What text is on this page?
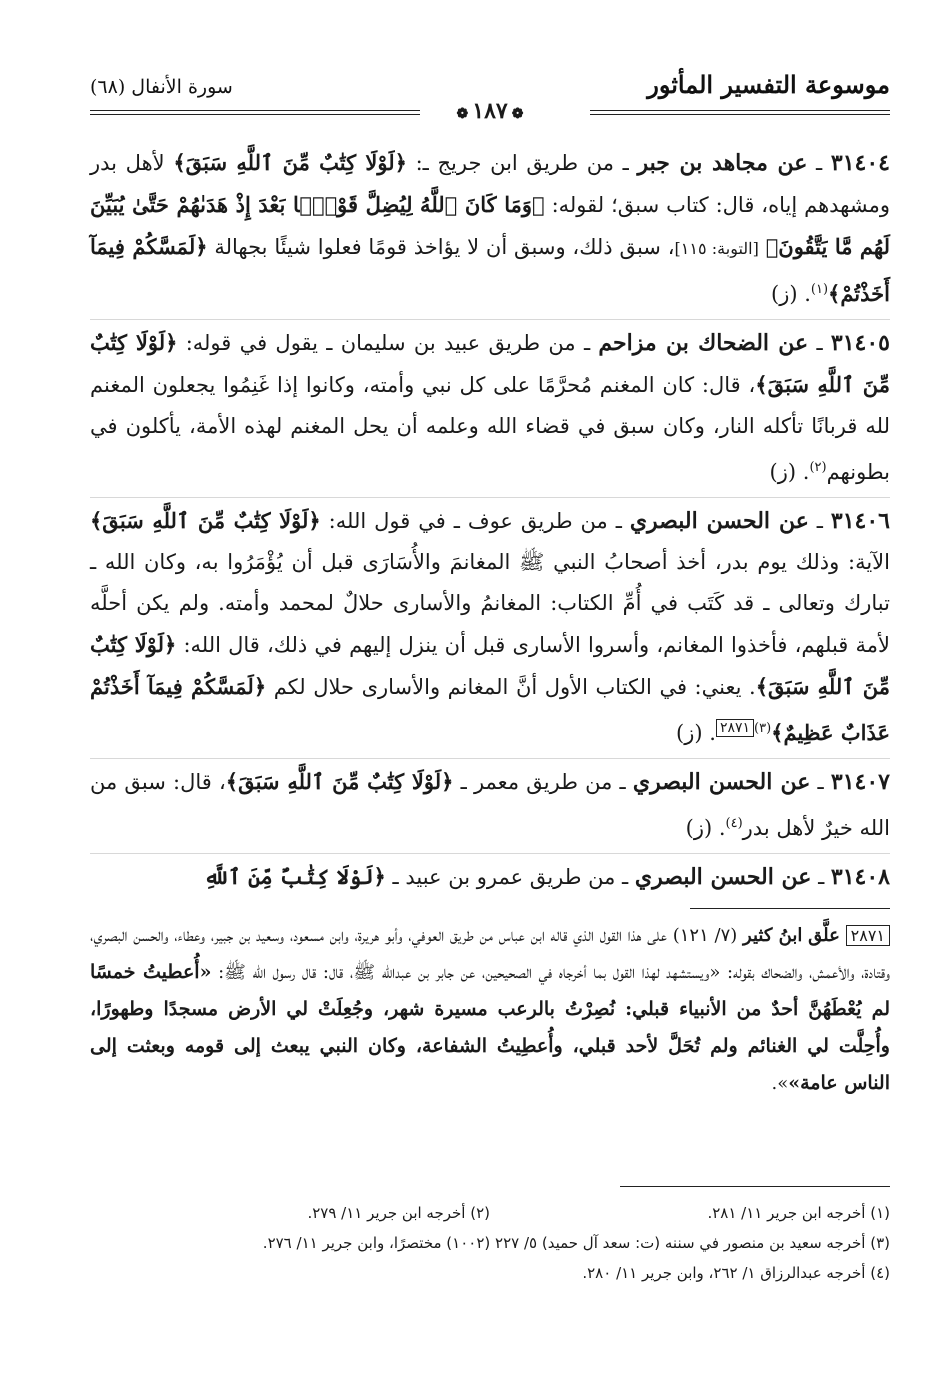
موسوعة التفسير المأثور
سورة الأنفال (٦٨)
❁ ١٨٧ ❁

٣١٤٠٤ ـ عن مجاهد بن جبر ـ من طريق ابن جريج ـ: ﴿لَوْلَا كِتَٰبٌ مِّنَ ٱللَّهِ سَبَقَ﴾ لأهل بدر ومشهدهم إياه، قال: كتاب سبق؛ لقوله: ﴿وَمَا كَانَ ٱللَّهُ لِيُضِلَّ قَوْمًۢا بَعْدَ إِذْ هَدَىٰهُمْ حَتَّىٰ يُبَيِّنَ لَهُم مَّا يَتَّقُونَ﴾ [التوبة: ١١٥]، سبق ذلك، وسبق أن لا يؤاخذ قومًا فعلوا شيئًا بجهالة ﴿لَمَسَّكُمْ فِيمَآ أَخَذْتُمْ﴾$^{(١)}$. (ز)

٣١٤٠٥ ـ عن الضحاك بن مزاحم ـ من طريق عبيد بن سليمان ـ يقول في قوله: ﴿لَوْلَا كِتَٰبٌ مِّنَ ٱللَّهِ سَبَقَ﴾، قال: كان المغنم مُحرَّمًا على كل نبي وأمته، وكانوا إذا غَنِمُوا يجعلون المغنم لله قربانًا تأكله النار، وكان سبق في قضاء الله وعلمه أن يحل المغنم لهذه الأمة، يأكلون في بطونهم$^{(٢)}$. (ز)

٣١٤٠٦ ـ عن الحسن البصري ـ من طريق عوف ـ في قول الله: ﴿لَوْلَا كِتَٰبٌ مِّنَ ٱللَّهِ سَبَقَ﴾ الآية: وذلك يوم بدر، أخذ أصحابُ النبي ﷺ المغانمَ والأُسَارَى قبل أن يُؤْمَرُوا به، وكان الله ـ تبارك وتعالى ـ قد كَتَب في أُمِّ الكتاب: المغانمُ والأسارى حلالٌ لمحمد وأمته. ولم يكن أحلَّه لأمة قبلهم، فأخذوا المغانم، وأسروا الأسارى قبل أن ينزل إليهم في ذلك، قال الله: ﴿لَوْلَا كِتَٰبٌ مِّنَ ٱللَّهِ سَبَقَ﴾. يعني: في الكتاب الأول أنَّ المغانم والأسارى حلال لكم ﴿لَمَسَّكُمْ فِيمَآ أَخَذْتُمْ عَذَابٌ عَظِيمٌ﴾$^{(٣)٢٨٧١}$. (ز)

٣١٤٠٧ ـ عن الحسن البصري ـ من طريق معمر ـ ﴿لَوْلَا كِتَٰبٌ مِّنَ ٱللَّهِ سَبَقَ﴾، قال: سبق من الله خيرٌ لأهل بدر$^{(٤)}$. (ز)

٣١٤٠٨ ـ عن الحسن البصري ـ من طريق عمرو بن عبيد ـ ﴿لَوْلَا كِتَٰبٌ مِّنَ ٱللَّهِ

٢٨٧١ علَّق ابنُ كثير (٧/ ١٢١) على هذا القول الذي قاله ابن عباس من طريق العوفي، وأبو هريرة، وابن مسعود، وسعيد بن جبير، وعطاء، والحسن البصري، وقتادة، والأعمش، والضحاك بقوله: «ويستشهد لهذا القول بما أخرجاه في الصحيحين، عن جابر بن عبدالله ﷺ، قال: قال رسول الله ﷺ: «أُعطيتُ خمسًا لم يُعْطَهُنَّ أحدٌ من الأنبياء قبلي: نُصِرْتُ بالرعب مسيرة شهر، وجُعِلَتْ لي الأرض مسجدًا وطهورًا، وأُحِلَّت لي الغنائم ولم تُحَلَّ لأحد قبلي، وأُعطِيتُ الشفاعة، وكان النبي يبعث إلى قومه وبعثت إلى الناس عامة»».
(١) أخرجه ابن جرير ١١/ ٢٨١.
(٢) أخرجه ابن جرير ١١/ ٢٧٩.
(٣) أخرجه سعيد بن منصور في سننه (ت: سعد آل حميد) ٥/ ٢٢٧ (١٠٠٢) مختصرًا، وابن جرير ١١/ ٢٧٦.
(٤) أخرجه عبدالرزاق ١/ ٢٦٢، وابن جرير ١١/ ٢٨٠.
